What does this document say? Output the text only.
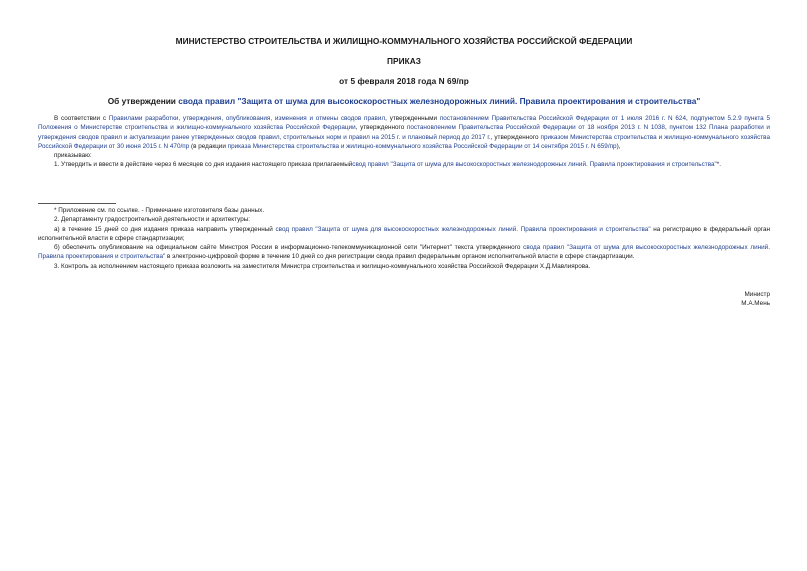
МИНИСТЕРСТВО СТРОИТЕЛЬСТВА И ЖИЛИЩНО-КОММУНАЛЬНОГО ХОЗЯЙСТВА РОССИЙСКОЙ ФЕДЕРАЦИИ
ПРИКАЗ
от 5 февраля 2018 года N 69/пр
Об утверждении свода правил "Защита от шума для высокоскоростных железнодорожных линий. Правила проектирования и строительства"

В соответствии с Правилами разработки, утверждения, опубликования, изменения и отмены сводов правил, утвержденными постановлением Правительства Российской Федерации от 1 июля 2016 г. N 624, подпунктом 5.2.9 пункта 5 Положения о Министерстве строительства и жилищно-коммунального хозяйства Российской Федерации, утвержденного постановлением Правительства Российской Федерации от 18 ноября 2013 г. N 1038, пунктом 132 Плана разработки и утверждения сводов правил и актуализации ранее утвержденных сводов правил, строительных норм и правил на 2015 г. и плановый период до 2017 г., утвержденного приказом Министерства строительства и жилищно-коммунального хозяйства Российской Федерации от 30 июня 2015 г. N 470/пр (в редакции приказа Министерства строительства и жилищно-коммунального хозяйства Российской Федерации от 14 сентября 2015 г. N 659/пр),

приказываю:

1. Утвердить и ввести в действие через 6 месяцев со дня издания настоящего приказа прилагаемыйсвод правил "Защита от шума для высокоскоростных железнодорожных линий. Правила проектирования и строительства"*.

* Приложение см. по ссылке. - Примечание изготовителя базы данных.

2. Департаменту градостроительной деятельности и архитектуры:

а) в течение 15 дней со дня издания приказа направить утвержденный свод правил "Защита от шума для высокоскоростных железнодорожных линий. Правила проектирования и строительства" на регистрацию в федеральный орган исполнительной власти в сфере стандартизации;

б) обеспечить опубликование на официальном сайте Минстроя России в информационно-телекоммуникационной сети "Интернет" текста утвержденного свода правил "Защита от шума для высокоскоростных железнодорожных линий. Правила проектирования и строительства" в электронно-цифровой форме в течение 10 дней со дня регистрации свода правил федеральным органом исполнительной власти в сфере стандартизации.

3. Контроль за исполнением настоящего приказа возложить на заместителя Министра строительства и жилищно-коммунального хозяйства Российской Федерации Х.Д.Мавлиярова.

Министр

М.А.Мень
